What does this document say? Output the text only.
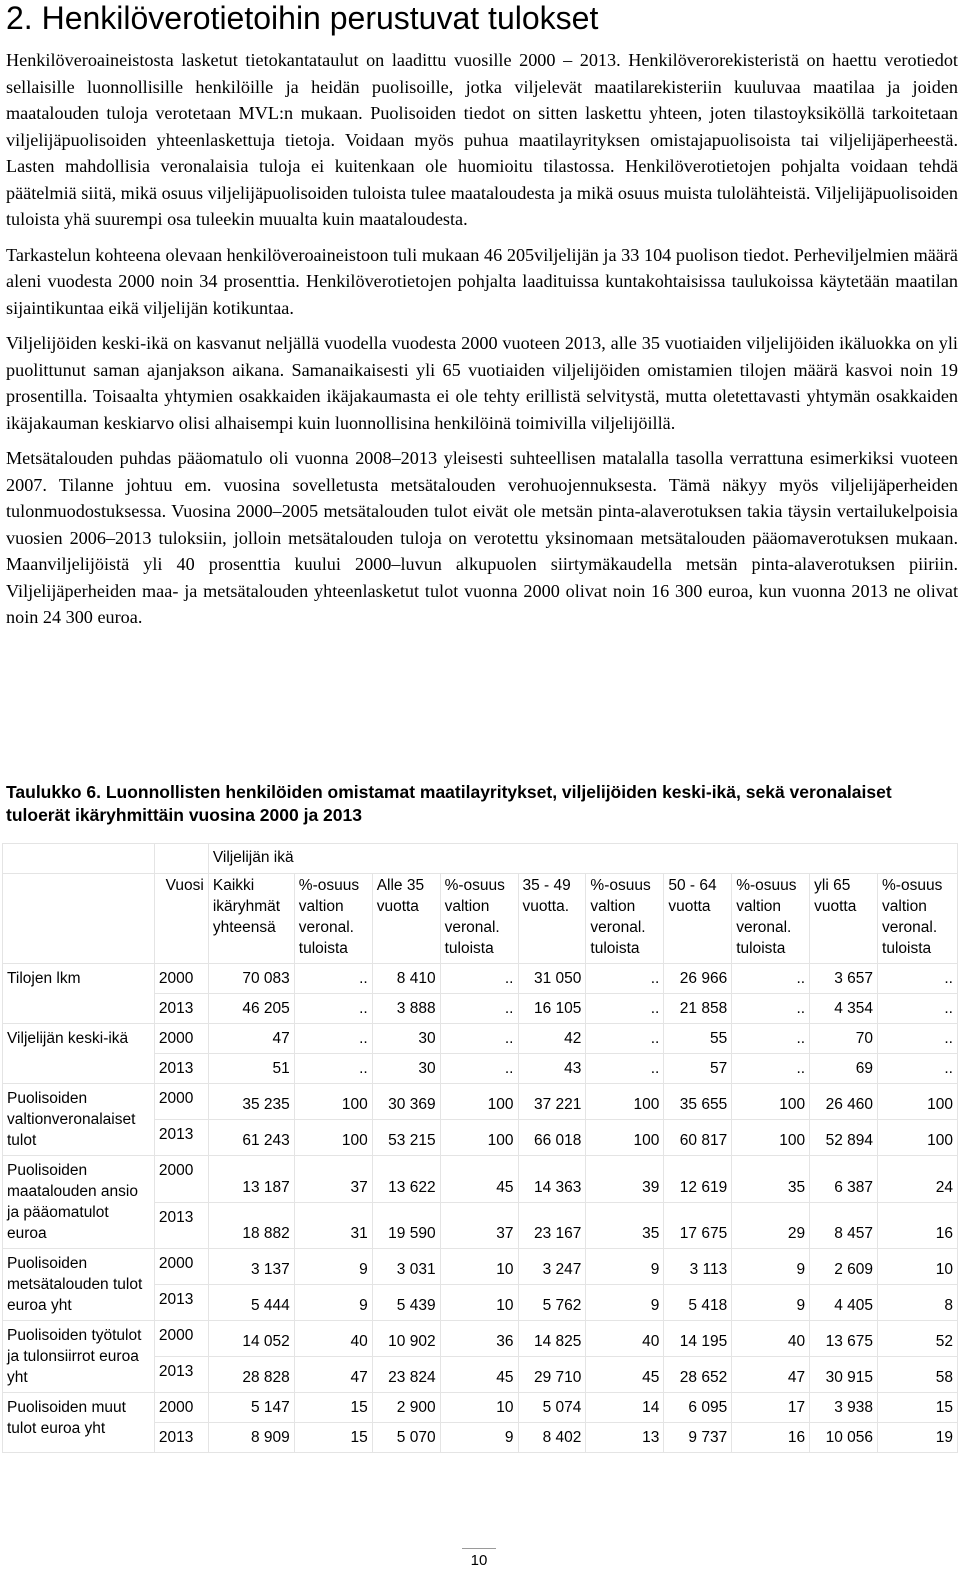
2. Henkilöverotietoihin perustuvat tulokset

Henkilöveroaineistosta lasketut tietokantataulut on laadittu vuosille 2000 – 2013. Henkilöverorekisteristä on haettu verotiedot sellaisille luonnollisille henkilöille ja heidän puolisoille, jotka viljelevät maatilarekisteriin kuuluvaa maatilaa ja joiden maatalouden tuloja verotetaan MVL:n mukaan. Puolisoiden tiedot on sitten laskettu yhteen, joten tilastoyksiköllä tarkoitetaan viljelijäpuolisoiden yhteenlaskettuja tietoja. Voidaan myös puhua maatilayrityksen omistajapuolisoista tai viljelijäperheestä. Lasten mahdollisia veronalaisia tuloja ei kuitenkaan ole huomioitu tilastossa. Henkilöverotietojen pohjalta voidaan tehdä päätelmiä siitä, mikä osuus viljelijäpuolisoiden tuloista tulee maataloudesta ja mikä osuus muista tulolähteistä. Viljelijäpuolisoiden tuloista yhä suurempi osa tuleekin muualta kuin maataloudesta.

Tarkastelun kohteena olevaan henkilöveroaineistoon tuli mukaan 46 205viljelijän ja 33 104 puolison tiedot. Perheviljelmien määrä aleni vuodesta 2000 noin 34 prosenttia. Henkilöverotietojen pohjalta laadituissa kuntakohtaisissa taulukoissa käytetään maatilan sijaintikuntaa eikä viljelijän kotikuntaa.

Viljelijöiden keski-ikä on kasvanut neljällä vuodella vuodesta 2000 vuoteen 2013, alle 35 vuotiaiden viljelijöiden ikäluokka on yli puolittunut saman ajanjakson aikana. Samanaikaisesti yli 65 vuotiaiden viljelijöiden omistamien tilojen määrä kasvoi noin 19 prosentilla. Toisaalta yhtymien osakkaiden ikäjakaumasta ei ole tehty erillistä selvitystä, mutta oletettavasti yhtymän osakkaiden ikäjakauman keskiarvo olisi alhaisempi kuin luonnollisina henkilöinä toimivilla viljelijöillä.

Metsätalouden puhdas pääomatulo oli vuonna 2008–2013 yleisesti suhteellisen matalalla tasolla verrattuna esimerkiksi vuoteen 2007. Tilanne johtuu em. vuosina sovelletusta metsätalouden verohuojennuksesta. Tämä näkyy myös viljelijäperheiden tulonmuodostuksessa. Vuosina 2000–2005 metsätalouden tulot eivät ole metsän pinta-alaverotuksen takia täysin vertailukelpoisia vuosien 2006–2013 tuloksiin, jolloin metsätalouden tuloja on verotettu yksinomaan metsätalouden pääomaverotuksen mukaan. Maanviljelijöistä yli 40 prosenttia kuului 2000–luvun alkupuolen siirtymäkaudella metsän pinta-alaverotuksen piiriin. Viljelijäperheiden maa- ja metsätalouden yhteenlasketut tulot vuonna 2000 olivat noin 16 300 euroa, kun vuonna 2013 ne olivat noin 24 300 euroa.

Taulukko 6. Luonnollisten henkilöiden omistamat maatilayritykset, viljelijöiden keski-ikä, sekä veronalaiset tuloerät ikäryhmittäin vuosina 2000 ja 2013

		Viljelijän ikä									
	Vuosi	Kaikki ikäryhmät yhteensä	%-osuus valtion veronal. tuloista	Alle 35 vuotta	%-osuus valtion veronal. tuloista	35 - 49 vuotta.	%-osuus valtion veronal. tuloista	50 - 64 vuotta	%-osuus valtion veronal. tuloista	yli 65 vuotta	%-osuus valtion veronal. tuloista
Tilojen lkm	2000	70 083	..	8 410	..	31 050	..	26 966	..	3 657	..
	2013	46 205	..	3 888	..	16 105	..	21 858	..	4 354	..
Viljelijän keski-ikä	2000	47	..	30	..	42	..	55	..	70	..
	2013	51	..	30	..	43	..	57	..	69	..
Puolisoiden valtionveronalaiset tulot	2000	35 235	100	30 369	100	37 221	100	35 655	100	26 460	100
	2013	61 243	100	53 215	100	66 018	100	60 817	100	52 894	100
Puolisoiden maatalouden ansio ja pääomatulot euroa	2000	13 187	37	13 622	45	14 363	39	12 619	35	6 387	24
	2013	18 882	31	19 590	37	23 167	35	17 675	29	8 457	16
Puolisoiden metsätalouden tulot euroa yht	2000	3 137	9	3 031	10	3 247	9	3 113	9	2 609	10
	2013	5 444	9	5 439	10	5 762	9	5 418	9	4 405	8
Puolisoiden työtulot ja tulonsiirrot euroa yht	2000	14 052	40	10 902	36	14 825	40	14 195	40	13 675	52
	2013	28 828	47	23 824	45	29 710	45	28 652	47	30 915	58
Puolisoiden muut tulot euroa yht	2000	5 147	15	2 900	10	5 074	14	6 095	17	3 938	15
	2013	8 909	15	5 070	9	8 402	13	9 737	16	10 056	19
10
